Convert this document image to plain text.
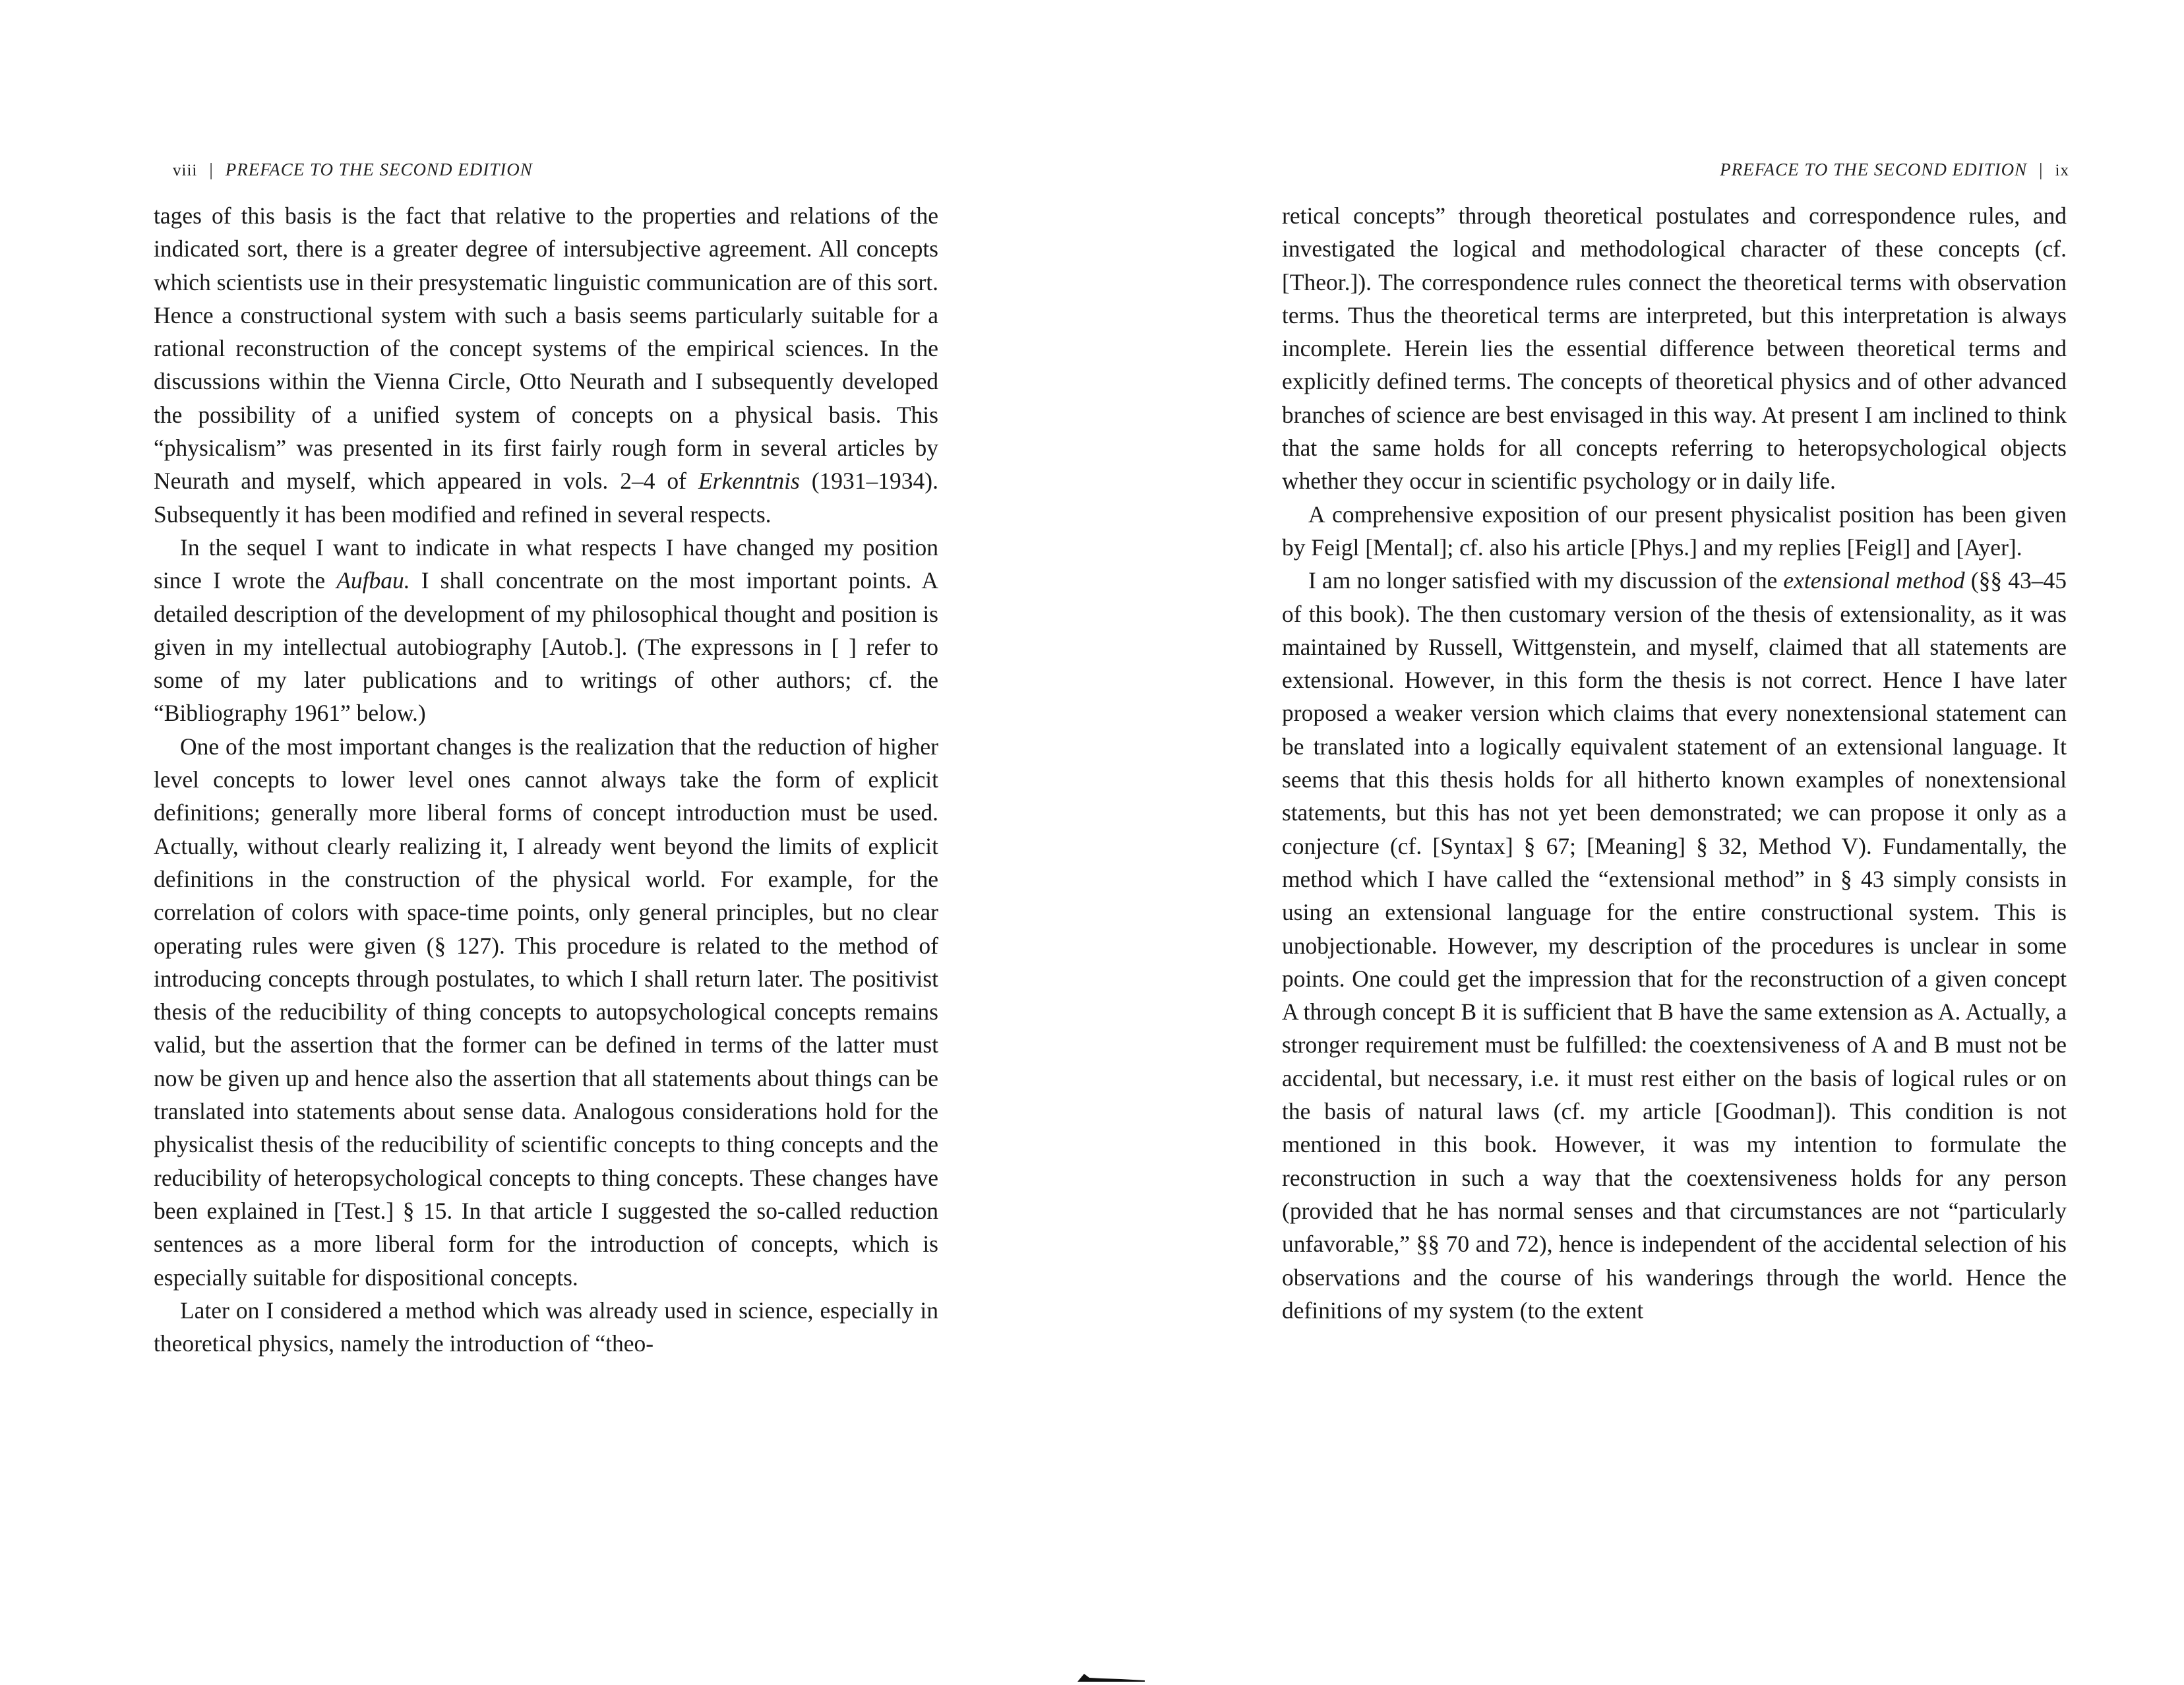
viii | PREFACE TO THE SECOND EDITION

tages of this basis is the fact that relative to the properties and relations of the indicated sort, there is a greater degree of intersubjective agreement. All concepts which scientists use in their presystematic linguistic communication are of this sort. Hence a constructional system with such a basis seems particularly suitable for a rational reconstruction of the concept systems of the empirical sciences. In the discussions within the Vienna Circle, Otto Neurath and I subsequently developed the possibility of a unified system of concepts on a physical basis. This “physicalism” was presented in its first fairly rough form in several articles by Neurath and myself, which appeared in vols. 2–4 of Erkenntnis (1931–1934). Subsequently it has been modified and refined in several respects.

In the sequel I want to indicate in what respects I have changed my position since I wrote the Aufbau. I shall concentrate on the most important points. A detailed description of the development of my philosophical thought and position is given in my intellectual autobiography [Autob.]. (The expressons in [ ] refer to some of my later publications and to writings of other authors; cf. the “Bibliography 1961” below.)

One of the most important changes is the realization that the reduction of higher level concepts to lower level ones cannot always take the form of explicit definitions; generally more liberal forms of concept introduction must be used. Actually, without clearly realizing it, I already went beyond the limits of explicit definitions in the construction of the physical world. For example, for the correlation of colors with space-time points, only general principles, but no clear operating rules were given (§ 127). This procedure is related to the method of introducing concepts through postulates, to which I shall return later. The positivist thesis of the reducibility of thing concepts to autopsychological concepts remains valid, but the assertion that the former can be defined in terms of the latter must now be given up and hence also the assertion that all statements about things can be translated into statements about sense data. Analogous considerations hold for the physicalist thesis of the reducibility of scientific concepts to thing concepts and the reducibility of heteropsychological concepts to thing concepts. These changes have been explained in [Test.] § 15. In that article I suggested the so-called reduction sentences as a more liberal form for the introduction of concepts, which is especially suitable for dispositional concepts.

Later on I considered a method which was already used in science, especially in theoretical physics, namely the introduction of “theo-

PREFACE TO THE SECOND EDITION | ix

retical concepts” through theoretical postulates and correspondence rules, and investigated the logical and methodological character of these concepts (cf. [Theor.]). The correspondence rules connect the theoretical terms with observation terms. Thus the theoretical terms are interpreted, but this interpretation is always incomplete. Herein lies the essential difference between theoretical terms and explicitly defined terms. The concepts of theoretical physics and of other advanced branches of science are best envisaged in this way. At present I am inclined to think that the same holds for all concepts referring to heteropsychological objects whether they occur in scientific psychology or in daily life.

A comprehensive exposition of our present physicalist position has been given by Feigl [Mental]; cf. also his article [Phys.] and my replies [Feigl] and [Ayer].

I am no longer satisfied with my discussion of the extensional method (§§ 43–45 of this book). The then customary version of the thesis of extensionality, as it was maintained by Russell, Wittgenstein, and myself, claimed that all statements are extensional. However, in this form the thesis is not correct. Hence I have later proposed a weaker version which claims that every nonextensional statement can be translated into a logically equivalent statement of an extensional language. It seems that this thesis holds for all hitherto known examples of nonextensional statements, but this has not yet been demonstrated; we can propose it only as a conjecture (cf. [Syntax] § 67; [Meaning] § 32, Method V). Fundamentally, the method which I have called the “extensional method” in § 43 simply consists in using an extensional language for the entire constructional system. This is unobjectionable. However, my description of the procedures is unclear in some points. One could get the impression that for the reconstruction of a given concept A through concept B it is sufficient that B have the same extension as A. Actually, a stronger requirement must be fulfilled: the coextensiveness of A and B must not be accidental, but necessary, i.e. it must rest either on the basis of logical rules or on the basis of natural laws (cf. my article [Goodman]). This condition is not mentioned in this book. However, it was my intention to formulate the reconstruction in such a way that the coextensiveness holds for any person (provided that he has normal senses and that circumstances are not “particularly unfavorable,” §§ 70 and 72), hence is independent of the accidental selection of his observations and the course of his wanderings through the world. Hence the definitions of my system (to the extent
